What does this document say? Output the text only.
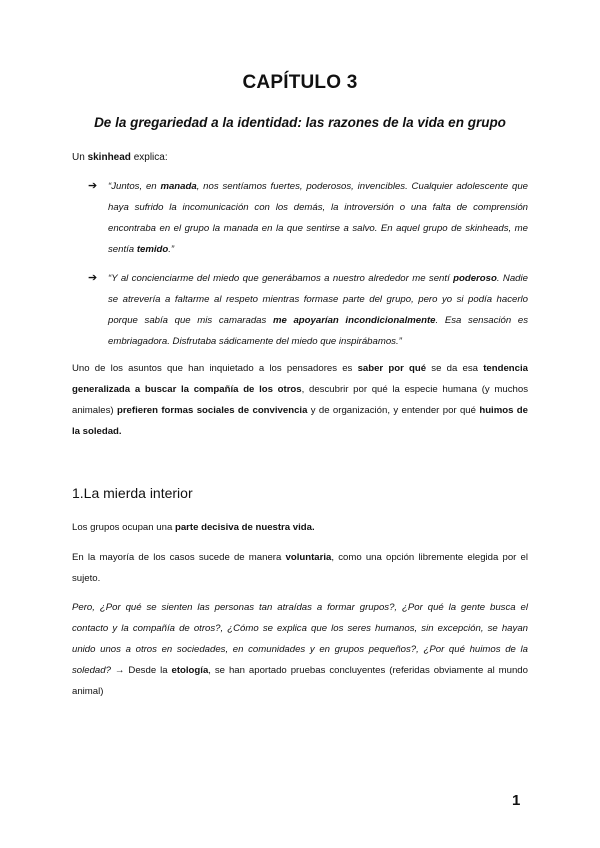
CAPÍTULO 3
De la gregariedad a la identidad: las razones de la vida en grupo
Un skinhead explica:
➔ “Juntos, en manada, nos sentíamos fuertes, poderosos, invencibles. Cualquier adolescente que haya sufrido la incomunicación con los demás, la introversión o una falta de comprensión encontraba en el grupo la manada en la que sentirse a salvo. En aquel grupo de skinheads, me sentía temido.”
➔ “Y al concienciarme del miedo que generábamos a nuestro alrededor me sentí poderoso. Nadie se atrevería a faltarme al respeto mientras formase parte del grupo, pero yo si podía hacerlo porque sabía que mis camaradas me apoyarían incondicionalmente. Esa sensación es embriagadora. Disfrutaba sádicamente del miedo que inspirábamos.”
Uno de los asuntos que han inquietado a los pensadores es saber por qué se da esa tendencia generalizada a buscar la compañía de los otros, descubrir por qué la especie humana (y muchos animales) prefieren formas sociales de convivencia y de organización, y entender por qué huimos de la soledad.
1.La mierda interior
Los grupos ocupan una parte decisiva de nuestra vida.
En la mayoría de los casos sucede de manera voluntaria, como una opción libremente elegida por el sujeto.
Pero, ¿Por qué se sienten las personas tan atraídas a formar grupos?, ¿Por qué la gente busca el contacto y la compañía de otros?, ¿Cómo se explica que los seres humanos, sin excepción, se hayan unido unos a otros en sociedades, en comunidades y en grupos pequeños?, ¿Por qué huimos de la soledad? → Desde la etología, se han aportado pruebas concluyentes (referidas obviamente al mundo animal)
1
